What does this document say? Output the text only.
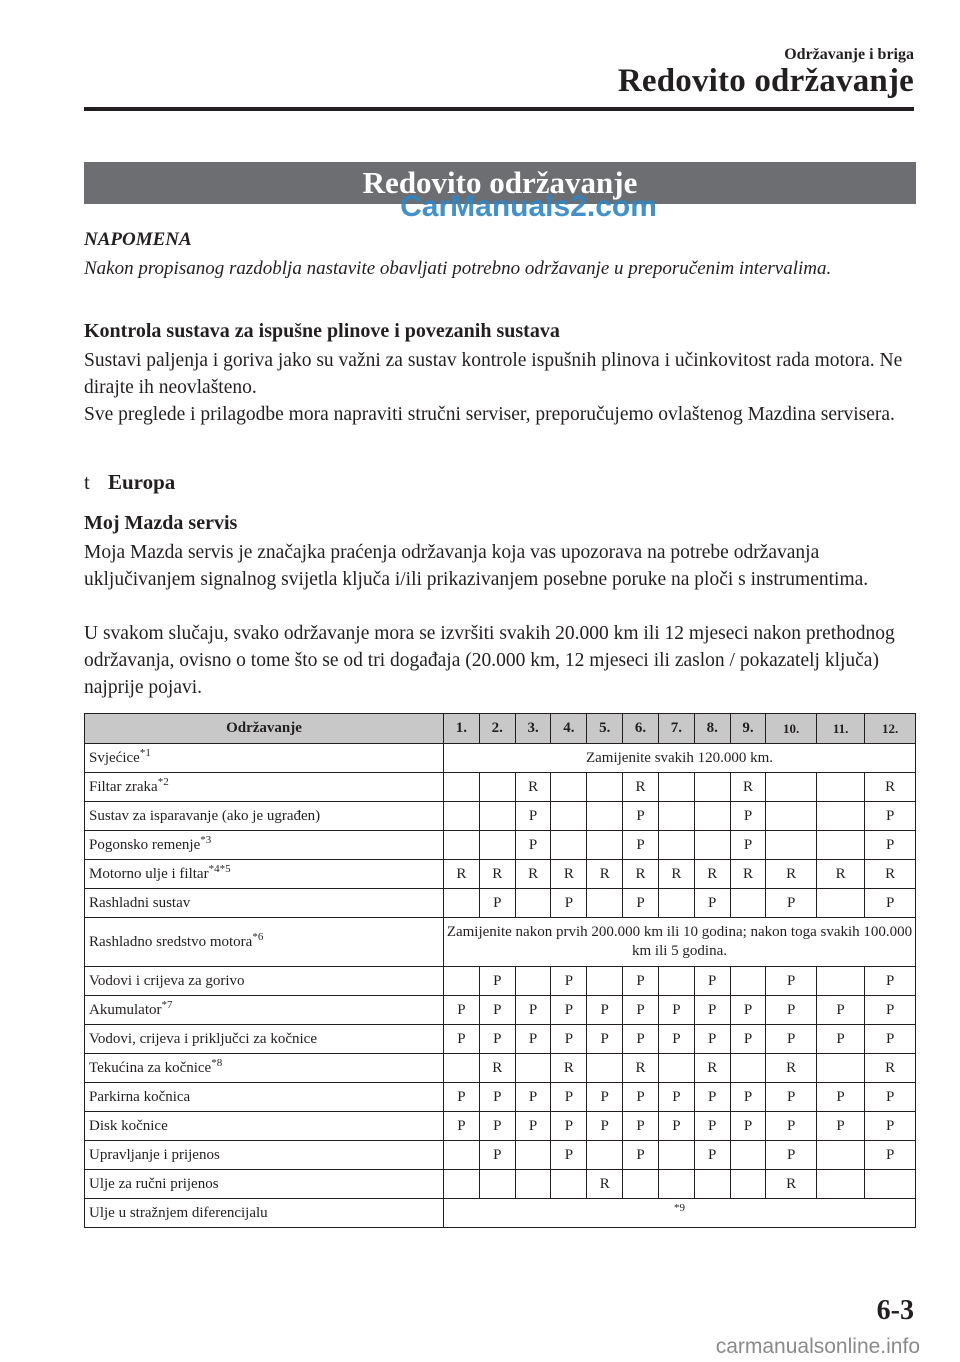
Održavanje i briga
Redovito održavanje
Redovito održavanje
CarManuals2.com
NAPOMENA
Nakon propisanog razdoblja nastavite obavljati potrebno održavanje u preporučenim intervalima.
Kontrola sustava za ispušne plinove i povezanih sustava
Sustavi paljenja i goriva jako su važni za sustav kontrole ispušnih plinova i učinkovitost rada motora. Ne dirajte ih neovlašteno.
Sve preglede i prilagodbe mora napraviti stručni serviser, preporučujemo ovlaštenog Mazdina servisera.
t Europa
Moj Mazda servis
Moja Mazda servis je značajka praćenja održavanja koja vas upozorava na potrebe održavanja uključivanjem signalnog svijetla ključa i/ili prikazivanjem posebne poruke na ploči s instrumentima.
U svakom slučaju, svako održavanje mora se izvršiti svakih 20.000 km ili 12 mjeseci nakon prethodnog održavanja, ovisno o tome što se od tri događaja (20.000 km, 12 mjeseci ili zaslon / pokazatelj ključa) najprije pojavi.
Održavanje	1.	2.	3.	4.	5.	6.	7.	8.	9.	10.	11.	12.
Svjećice$^{*1}$	Zamijenite svakih 120.000 km.											
Filtar zraka$^{*2}$			R			R			R			R
Sustav za isparavanje (ako je ugrađen)			P			P			P			P
Pogonsko remenje$^{*3}$			P			P			P			P
Motorno ulje i filtar$^{*4*5}$	R	R	R	R	R	R	R	R	R	R	R	R
Rashladni sustav		P		P		P		P		P		P
Rashladno sredstvo motora$^{*6}$	Zamijenite nakon prvih 200.000 km ili 10 godina; nakon toga svakih 100.000 km ili 5 godina.											
Vodovi i crijeva za gorivo		P		P		P		P		P		P
Akumulator$^{*7}$	P	P	P	P	P	P	P	P	P	P	P	P
Vodovi, crijeva i priključci za kočnice	P	P	P	P	P	P	P	P	P	P	P	P
Tekućina za kočnice$^{*8}$		R		R		R		R		R		R
Parkirna kočnica	P	P	P	P	P	P	P	P	P	P	P	P
Disk kočnice	P	P	P	P	P	P	P	P	P	P	P	P
Upravljanje i prijenos		P		P		P		P		P		P
Ulje za ručni prijenos					R					R		
Ulje u stražnjem diferencijalu	*9											
6-3
carmanualsonline.info
